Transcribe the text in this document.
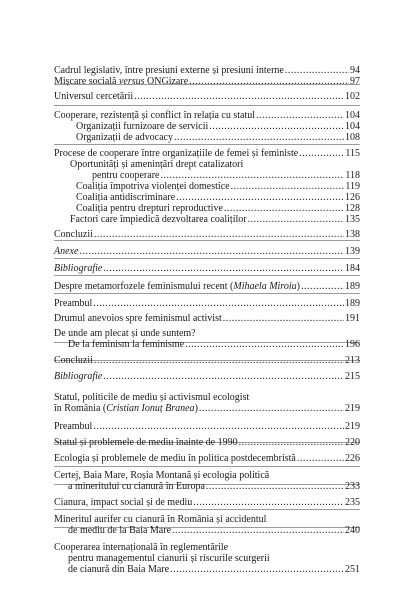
Cadrul legislativ, între presiuni externe și presiuni interne .....	94
Mișcare socială versus ONGizare .....	97
Universul cercetării .....	102
Cooperare, rezistență și conflict în relația cu statul .....	104
Organizații furnizoare de servicii .....	104
Organizații de advocacy .....	108
Procese de cooperare între organizațiile de femei și feministe .....	115
Oportunități și amenințări drept catalizatori
pentru cooperare .....	118
Coaliția împotriva violenței domestice .....	119
Coaliția antidiscriminare .....	126
Coaliția pentru drepturi reproductive .....	128
Factori care împiedică dezvoltarea coaliților .....	135
Concluzii .....	138
Anexe .....	139
Bibliografie .....	184
Despre metamorfozele feminismului recent (Mihaela Miroiu) .....	189
Preambul .....	189
Drumul anevoios spre feminismul activist .....	191
De unde am plecat și unde suntem?
De la feminism la feminisme .....	196
Concluzii .....	213
Bibliografie .....	215
Statul, politicile de mediu și activismul ecologist
în România (Cristian Ionuț Branea) .....	219
Preambul .....	219
Statul și problemele de mediu înainte de 1990 .....	220
Ecologia și problemele de mediu în politica postdecembristă .....	226
Certej, Baia Mare, Roșia Montană și ecologia politică
a mineritului cu cianură în Europa .....	233
Cianura, impact social și de mediu .....	235
Mineritul aurifer cu cianură în România și accidentul
de mediu de la Baia Mare .....	240
Cooperarea internațională în reglementările
pentru managementul cianurii și riscurile scurgerii
de cianură din Baia Mare .....	251
